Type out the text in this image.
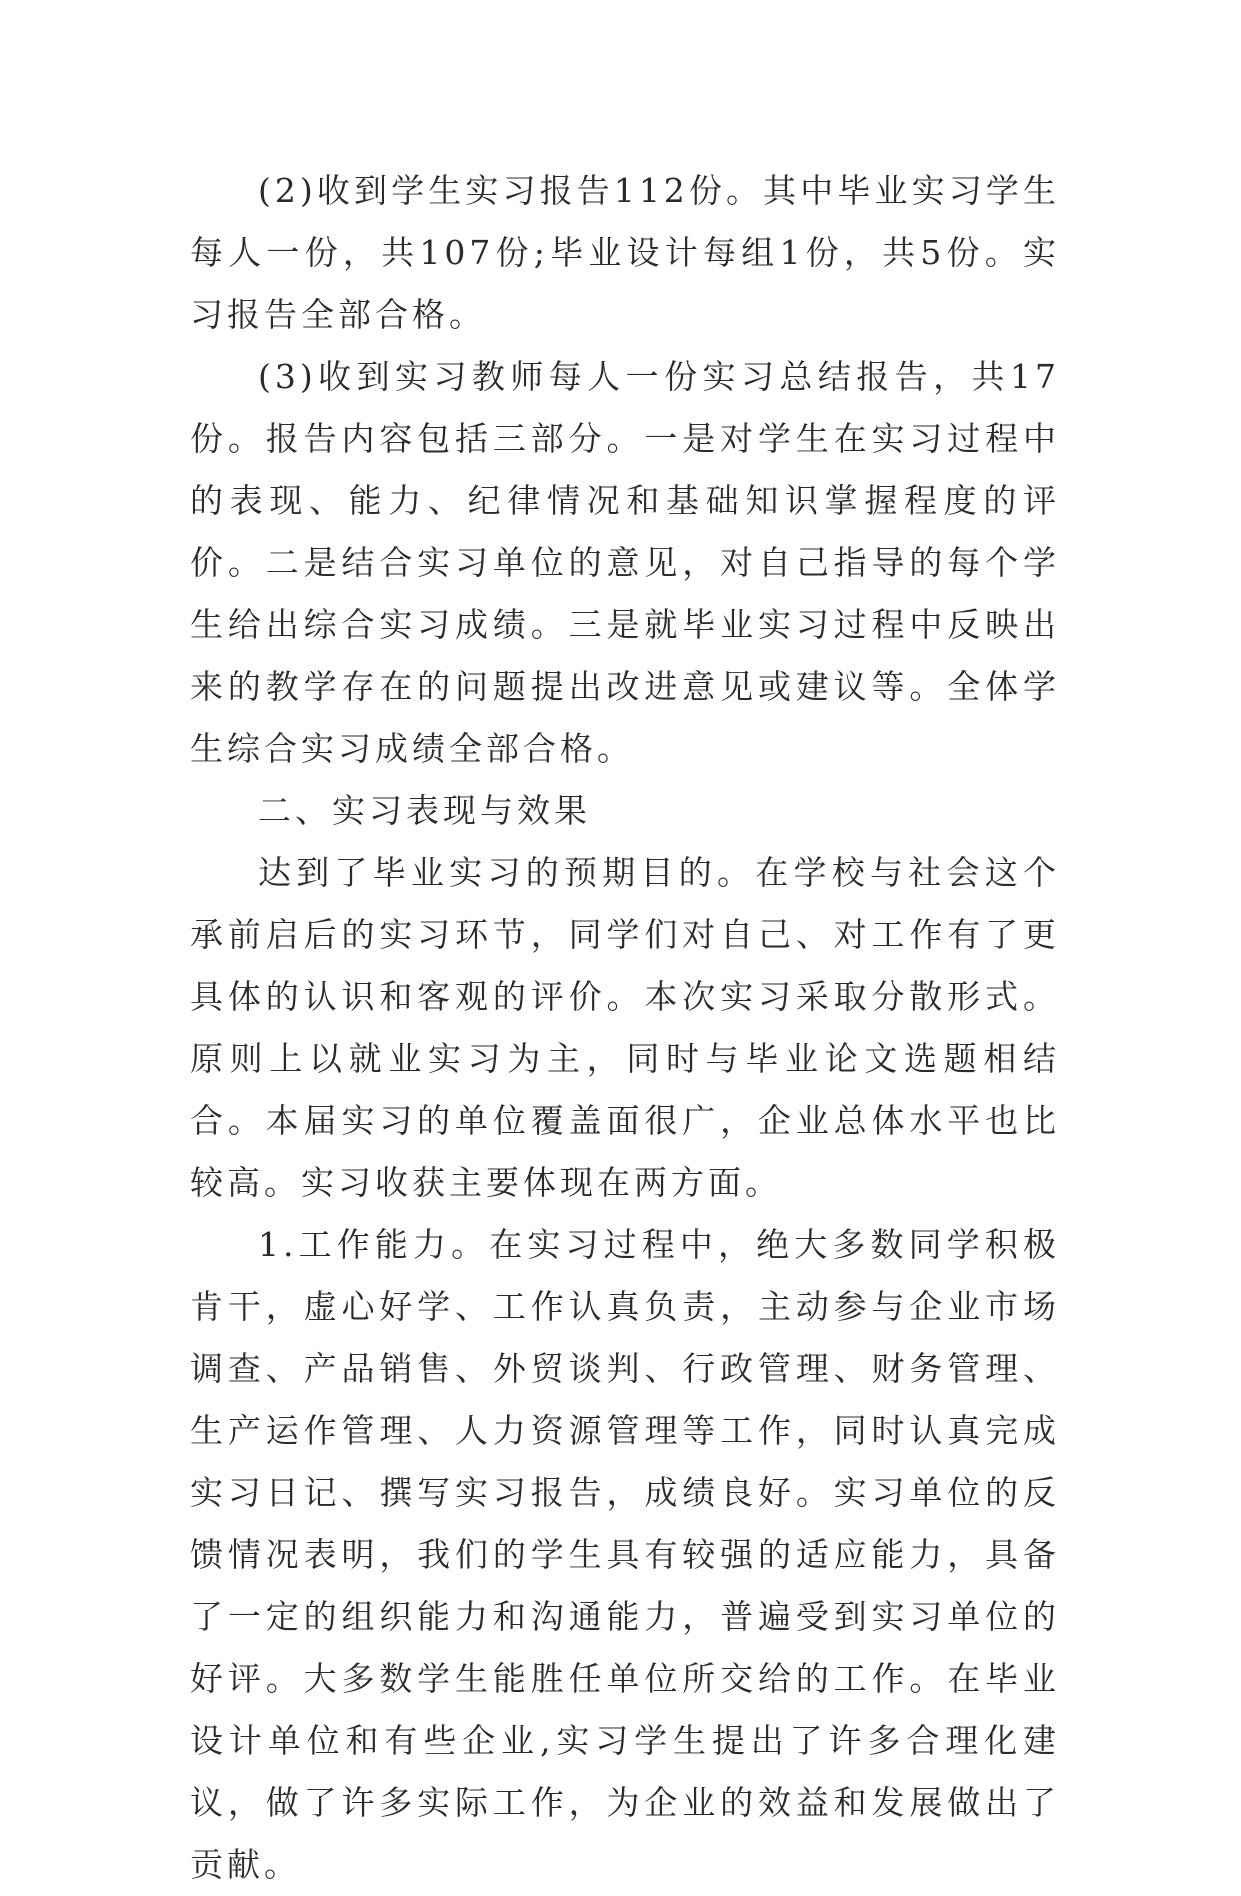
(2)收到学生实习报告112份。其中毕业实习学生每人一份，共107份;毕业设计每组1份，共5份。实习报告全部合格。

(3)收到实习教师每人一份实习总结报告，共17份。报告内容包括三部分。一是对学生在实习过程中的表现、能力、纪律情况和基础知识掌握程度的评价。二是结合实习单位的意见，对自己指导的每个学生给出综合实习成绩。三是就毕业实习过程中反映出来的教学存在的问题提出改进意见或建议等。全体学生综合实习成绩全部合格。

二、实习表现与效果

达到了毕业实习的预期目的。在学校与社会这个承前启后的实习环节，同学们对自己、对工作有了更具体的认识和客观的评价。本次实习采取分散形式。原则上以就业实习为主，同时与毕业论文选题相结合。本届实习的单位覆盖面很广，企业总体水平也比较高。实习收获主要体现在两方面。

1.工作能力。在实习过程中，绝大多数同学积极肯干，虚心好学、工作认真负责，主动参与企业市场调查、产品销售、外贸谈判、行政管理、财务管理、生产运作管理、人力资源管理等工作，同时认真完成实习日记、撰写实习报告，成绩良好。实习单位的反馈情况表明，我们的学生具有较强的适应能力，具备了一定的组织能力和沟通能力，普遍受到实习单位的好评。大多数学生能胜任单位所交给的工作。在毕业设计单位和有些企业,实习学生提出了许多合理化建议，做了许多实际工作，为企业的效益和发展做出了贡献。
